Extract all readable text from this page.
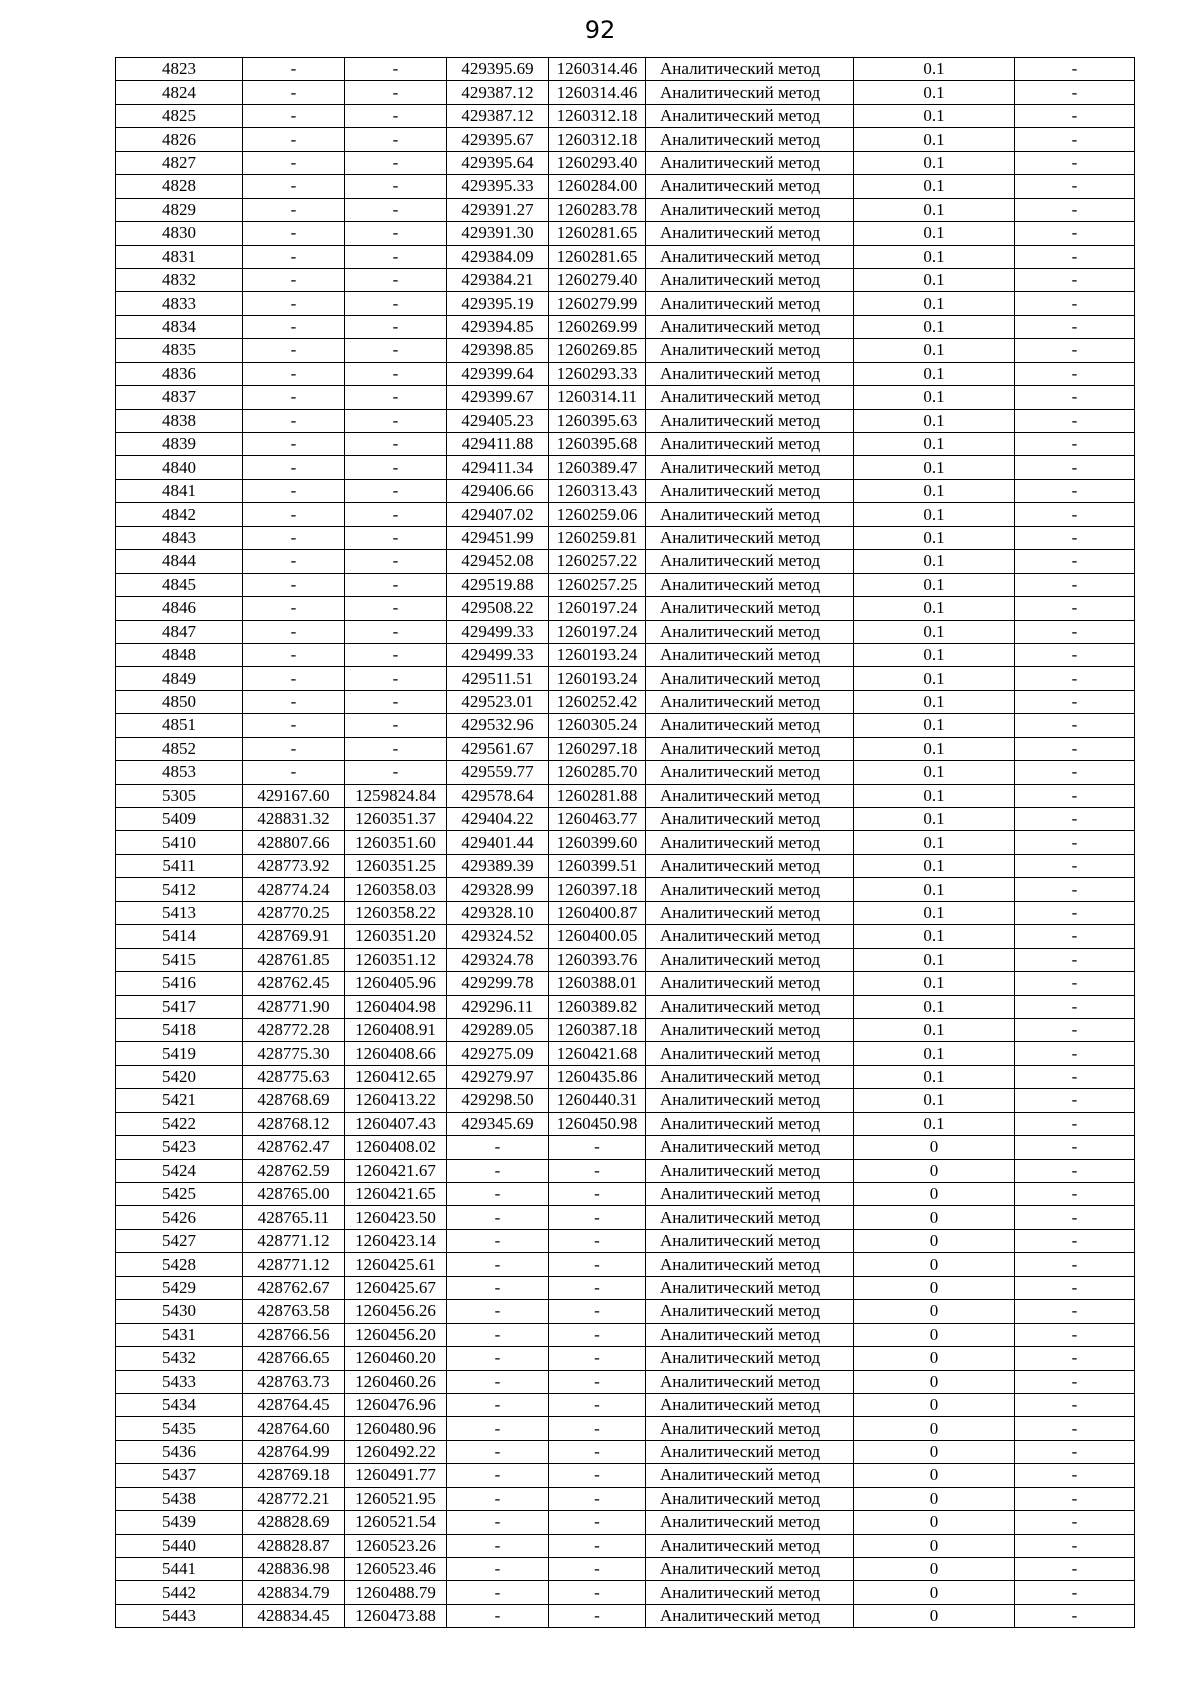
92
4823	-	-	429395.69	1260314.46	Аналитический метод	0.1	-
4824	-	-	429387.12	1260314.46	Аналитический метод	0.1	-
4825	-	-	429387.12	1260312.18	Аналитический метод	0.1	-
4826	-	-	429395.67	1260312.18	Аналитический метод	0.1	-
4827	-	-	429395.64	1260293.40	Аналитический метод	0.1	-
4828	-	-	429395.33	1260284.00	Аналитический метод	0.1	-
4829	-	-	429391.27	1260283.78	Аналитический метод	0.1	-
4830	-	-	429391.30	1260281.65	Аналитический метод	0.1	-
4831	-	-	429384.09	1260281.65	Аналитический метод	0.1	-
4832	-	-	429384.21	1260279.40	Аналитический метод	0.1	-
4833	-	-	429395.19	1260279.99	Аналитический метод	0.1	-
4834	-	-	429394.85	1260269.99	Аналитический метод	0.1	-
4835	-	-	429398.85	1260269.85	Аналитический метод	0.1	-
4836	-	-	429399.64	1260293.33	Аналитический метод	0.1	-
4837	-	-	429399.67	1260314.11	Аналитический метод	0.1	-
4838	-	-	429405.23	1260395.63	Аналитический метод	0.1	-
4839	-	-	429411.88	1260395.68	Аналитический метод	0.1	-
4840	-	-	429411.34	1260389.47	Аналитический метод	0.1	-
4841	-	-	429406.66	1260313.43	Аналитический метод	0.1	-
4842	-	-	429407.02	1260259.06	Аналитический метод	0.1	-
4843	-	-	429451.99	1260259.81	Аналитический метод	0.1	-
4844	-	-	429452.08	1260257.22	Аналитический метод	0.1	-
4845	-	-	429519.88	1260257.25	Аналитический метод	0.1	-
4846	-	-	429508.22	1260197.24	Аналитический метод	0.1	-
4847	-	-	429499.33	1260197.24	Аналитический метод	0.1	-
4848	-	-	429499.33	1260193.24	Аналитический метод	0.1	-
4849	-	-	429511.51	1260193.24	Аналитический метод	0.1	-
4850	-	-	429523.01	1260252.42	Аналитический метод	0.1	-
4851	-	-	429532.96	1260305.24	Аналитический метод	0.1	-
4852	-	-	429561.67	1260297.18	Аналитический метод	0.1	-
4853	-	-	429559.77	1260285.70	Аналитический метод	0.1	-
5305	429167.60	1259824.84	429578.64	1260281.88	Аналитический метод	0.1	-
5409	428831.32	1260351.37	429404.22	1260463.77	Аналитический метод	0.1	-
5410	428807.66	1260351.60	429401.44	1260399.60	Аналитический метод	0.1	-
5411	428773.92	1260351.25	429389.39	1260399.51	Аналитический метод	0.1	-
5412	428774.24	1260358.03	429328.99	1260397.18	Аналитический метод	0.1	-
5413	428770.25	1260358.22	429328.10	1260400.87	Аналитический метод	0.1	-
5414	428769.91	1260351.20	429324.52	1260400.05	Аналитический метод	0.1	-
5415	428761.85	1260351.12	429324.78	1260393.76	Аналитический метод	0.1	-
5416	428762.45	1260405.96	429299.78	1260388.01	Аналитический метод	0.1	-
5417	428771.90	1260404.98	429296.11	1260389.82	Аналитический метод	0.1	-
5418	428772.28	1260408.91	429289.05	1260387.18	Аналитический метод	0.1	-
5419	428775.30	1260408.66	429275.09	1260421.68	Аналитический метод	0.1	-
5420	428775.63	1260412.65	429279.97	1260435.86	Аналитический метод	0.1	-
5421	428768.69	1260413.22	429298.50	1260440.31	Аналитический метод	0.1	-
5422	428768.12	1260407.43	429345.69	1260450.98	Аналитический метод	0.1	-
5423	428762.47	1260408.02	-	-	Аналитический метод	0	-
5424	428762.59	1260421.67	-	-	Аналитический метод	0	-
5425	428765.00	1260421.65	-	-	Аналитический метод	0	-
5426	428765.11	1260423.50	-	-	Аналитический метод	0	-
5427	428771.12	1260423.14	-	-	Аналитический метод	0	-
5428	428771.12	1260425.61	-	-	Аналитический метод	0	-
5429	428762.67	1260425.67	-	-	Аналитический метод	0	-
5430	428763.58	1260456.26	-	-	Аналитический метод	0	-
5431	428766.56	1260456.20	-	-	Аналитический метод	0	-
5432	428766.65	1260460.20	-	-	Аналитический метод	0	-
5433	428763.73	1260460.26	-	-	Аналитический метод	0	-
5434	428764.45	1260476.96	-	-	Аналитический метод	0	-
5435	428764.60	1260480.96	-	-	Аналитический метод	0	-
5436	428764.99	1260492.22	-	-	Аналитический метод	0	-
5437	428769.18	1260491.77	-	-	Аналитический метод	0	-
5438	428772.21	1260521.95	-	-	Аналитический метод	0	-
5439	428828.69	1260521.54	-	-	Аналитический метод	0	-
5440	428828.87	1260523.26	-	-	Аналитический метод	0	-
5441	428836.98	1260523.46	-	-	Аналитический метод	0	-
5442	428834.79	1260488.79	-	-	Аналитический метод	0	-
5443	428834.45	1260473.88	-	-	Аналитический метод	0	-
